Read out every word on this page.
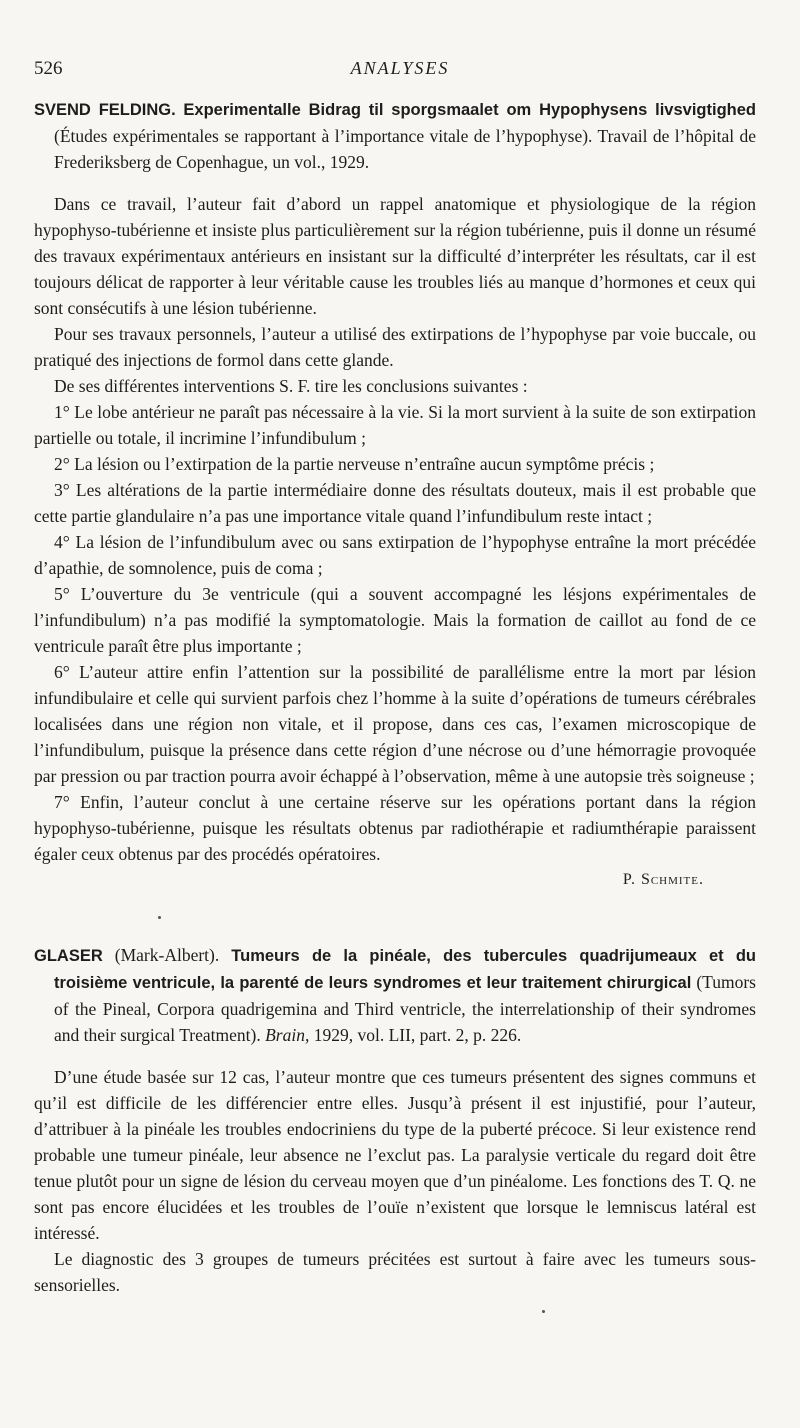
526	ANALYSES

SVEND FELDING. Experimentalle Bidrag til sporgsmaalet om Hypophysens livsvigtighed (Études expérimentales se rapportant à l’importance vitale de l’hypophyse). Travail de l’hôpital de Frederiksberg de Copenhague, un vol., 1929.

Dans ce travail, l’auteur fait d’abord un rappel anatomique et physiologique de la région hypophyso-tubérienne et insiste plus particulièrement sur la région tubérienne, puis il donne un résumé des travaux expérimentaux antérieurs en insistant sur la difficulté d’interpréter les résultats, car il est toujours délicat de rapporter à leur véritable cause les troubles liés au manque d’hormones et ceux qui sont consécutifs à une lésion tubérienne.

Pour ses travaux personnels, l’auteur a utilisé des extirpations de l’hypophyse par voie buccale, ou pratiqué des injections de formol dans cette glande.

De ses différentes interventions S. F. tire les conclusions suivantes :

1° Le lobe antérieur ne paraît pas nécessaire à la vie. Si la mort survient à la suite de son extirpation partielle ou totale, il incrimine l’infundibulum ;

2° La lésion ou l’extirpation de la partie nerveuse n’entraîne aucun symptôme précis ;

3° Les altérations de la partie intermédiaire donne des résultats douteux, mais il est probable que cette partie glandulaire n’a pas une importance vitale quand l’infundibulum reste intact ;

4° La lésion de l’infundibulum avec ou sans extirpation de l’hypophyse entraîne la mort précédée d’apathie, de somnolence, puis de coma ;

5° L’ouverture du 3e ventricule (qui a souvent accompagné les lésjons expérimentales de l’infundibulum) n’a pas modifié la symptomatologie. Mais la formation de caillot au fond de ce ventricule paraît être plus importante ;

6° L’auteur attire enfin l’attention sur la possibilité de parallélisme entre la mort par lésion infundibulaire et celle qui survient parfois chez l’homme à la suite d’opérations de tumeurs cérébrales localisées dans une région non vitale, et il propose, dans ces cas, l’examen microscopique de l’infundibulum, puisque la présence dans cette région d’une nécrose ou d’une hémorragie provoquée par pression ou par traction pourra avoir échappé à l’observation, même à une autopsie très soigneuse ;

7° Enfin, l’auteur conclut à une certaine réserve sur les opérations portant dans la région hypophyso-tubérienne, puisque les résultats obtenus par radiothérapie et radiumthérapie paraissent égaler ceux obtenus par des procédés opératoires.

P. Schmite.

GLASER (Mark-Albert). Tumeurs de la pinéale, des tubercules quadrijumeaux et du troisième ventricule, la parenté de leurs syndromes et leur traitement chirurgical (Tumors of the Pineal, Corpora quadrigemina and Third ventricle, the interrelationship of their syndromes and their surgical Treatment). Brain, 1929, vol. LII, part. 2, p. 226.

D’une étude basée sur 12 cas, l’auteur montre que ces tumeurs présentent des signes communs et qu’il est difficile de les différencier entre elles. Jusqu’à présent il est injustifié, pour l’auteur, d’attribuer à la pinéale les troubles endocriniens du type de la puberté précoce. Si leur existence rend probable une tumeur pinéale, leur absence ne l’exclut pas. La paralysie verticale du regard doit être tenue plutôt pour un signe de lésion du cerveau moyen que d’un pinéalome. Les fonctions des T. Q. ne sont pas encore élucidées et les troubles de l’ouïe n’existent que lorsque le lemniscus latéral est intéressé.

Le diagnostic des 3 groupes de tumeurs précitées est surtout à faire avec les tumeurs sous-sensorielles.
